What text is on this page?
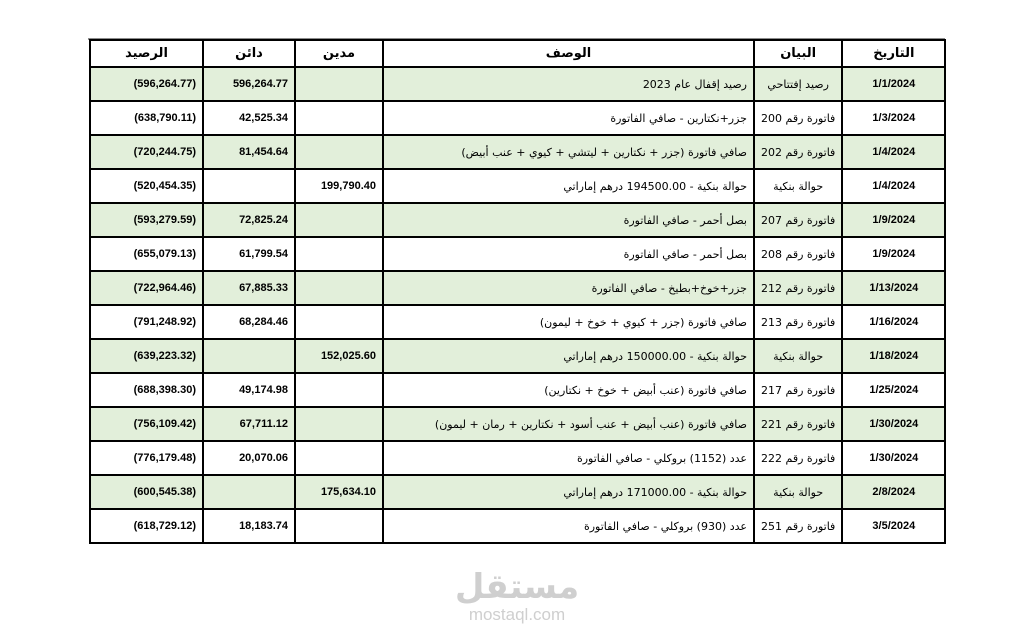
الرصيد	دائن	مدين	الوصف	البيان	التاريخ
(596,264.77)	596,264.77		رصيد إقفال عام 2023	رصيد إفتتاحي	1/1/2024
(638,790.11)	42,525.34		جزر+نكتارين - صافي الفاتورة	فاتورة رقم 200	1/3/2024
(720,244.75)	81,454.64		صافي فاتورة (جزر + نكتارين + ليتشي + كيوي + عنب أبيض)	فاتورة رقم 202	1/4/2024
(520,454.35)		199,790.40	حوالة بنكية - 194500.00 درهم إماراتي	حوالة بنكية	1/4/2024
(593,279.59)	72,825.24		بصل أحمر - صافي الفاتورة	فاتورة رقم 207	1/9/2024
(655,079.13)	61,799.54		بصل أحمر - صافي الفاتورة	فاتورة رقم 208	1/9/2024
(722,964.46)	67,885.33		جزر+خوخ+بطيخ - صافي الفاتورة	فاتورة رقم 212	1/13/2024
(791,248.92)	68,284.46		صافي فاتورة (جزر + كيوي + خوخ + ليمون)	فاتورة رقم 213	1/16/2024
(639,223.32)		152,025.60	حوالة بنكية - 150000.00 درهم إماراتي	حوالة بنكية	1/18/2024
(688,398.30)	49,174.98		صافي فاتورة (عنب أبيض + خوخ + نكتارين)	فاتورة رقم 217	1/25/2024
(756,109.42)	67,711.12		صافي فاتورة (عنب أبيض + عنب أسود + نكتارين + رمان + ليمون)	فاتورة رقم 221	1/30/2024
(776,179.48)	20,070.06		عدد (1152) بروكلي - صافي الفاتورة	فاتورة رقم 222	1/30/2024
(600,545.38)		175,634.10	حوالة بنكية - 171000.00 درهم إماراتي	حوالة بنكية	2/8/2024
(618,729.12)	18,183.74		عدد (930) بروكلي - صافي الفاتورة	فاتورة رقم 251	3/5/2024
مستقل
mostaql.com
